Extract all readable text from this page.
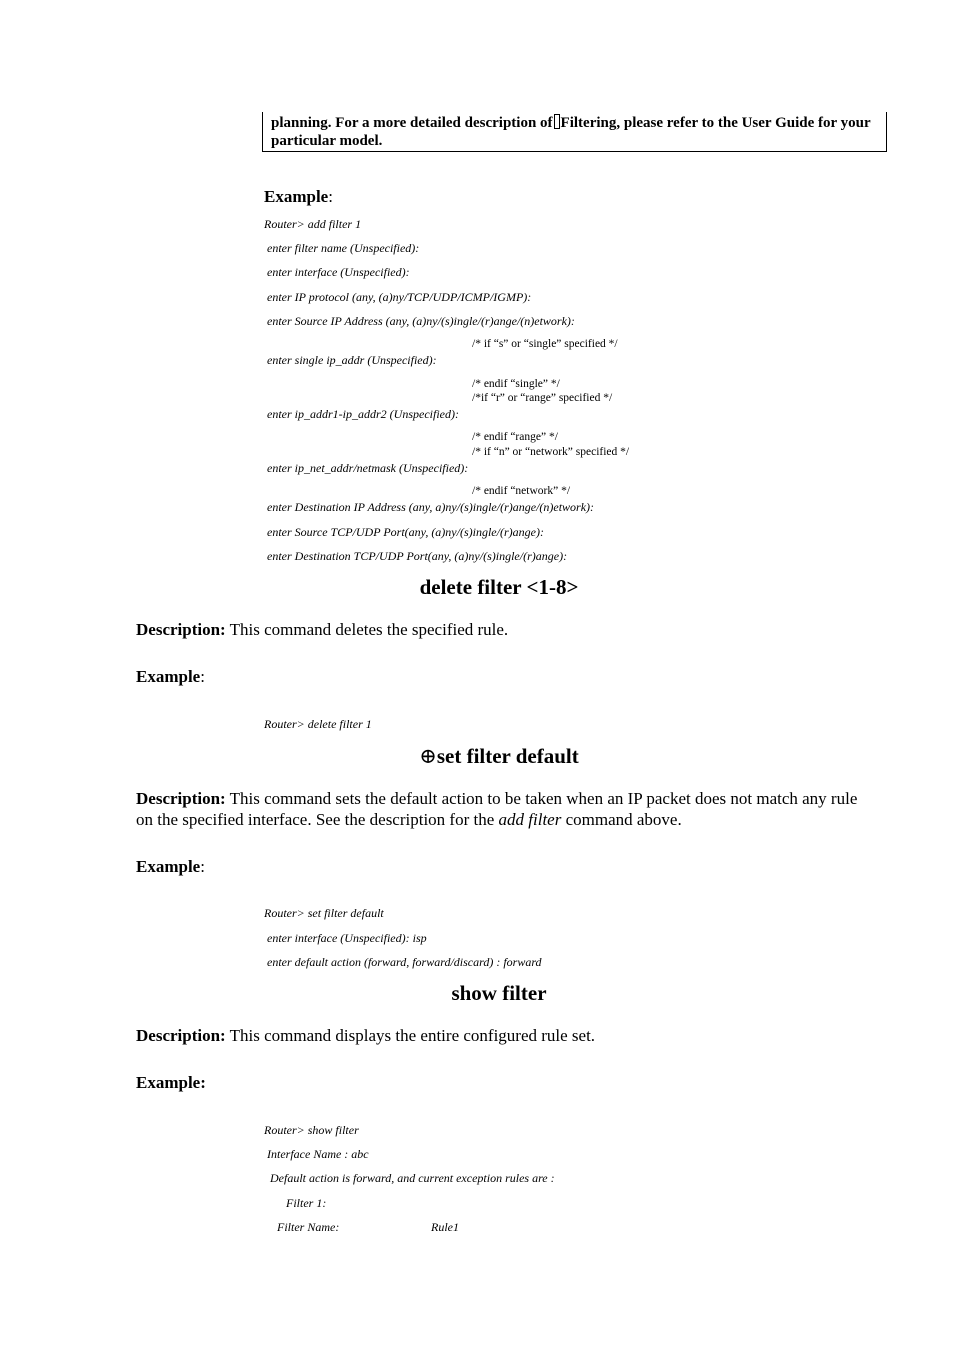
planning. For a more detailed description of Filtering, please refer to the User Guide for your particular model.
Example:
Router> add filter 1
enter filter name (Unspecified):
enter interface (Unspecified):
enter IP protocol (any, (a)ny/TCP/UDP/ICMP/IGMP):
enter Source IP Address (any, (a)ny/(s)ingle/(r)ange/(n)etwork):
/* if “s” or “single” specified */
enter single ip_addr (Unspecified):
/* endif “single” */
/*if “r” or “range” specified */
enter ip_addr1-ip_addr2 (Unspecified):
/* endif “range” */
/* if “n” or “network” specified */
enter ip_net_addr/netmask (Unspecified):
/* endif “network” */
enter Destination IP Address (any, a)ny/(s)ingle/(r)ange/(n)etwork):
enter Source TCP/UDP Port(any, (a)ny/(s)ingle/(r)ange):
enter Destination TCP/UDP Port(any, (a)ny/(s)ingle/(r)ange):
delete filter <1-8>
Description: This command deletes the specified rule.
Example:
Router> delete filter 1
⊕set filter default
Description: This command sets the default action to be taken when an IP packet does not match any rule on the specified interface. See the description for the add filter command above.
Example:
Router> set filter default
enter interface (Unspecified): isp
enter default action (forward, forward/discard) : forward
show filter
Description: This command displays the entire configured rule set.
Example:
Router> show filter
Interface Name : abc
Default action is forward, and current exception rules are :
Filter 1:
Filter Name:	Rule1
